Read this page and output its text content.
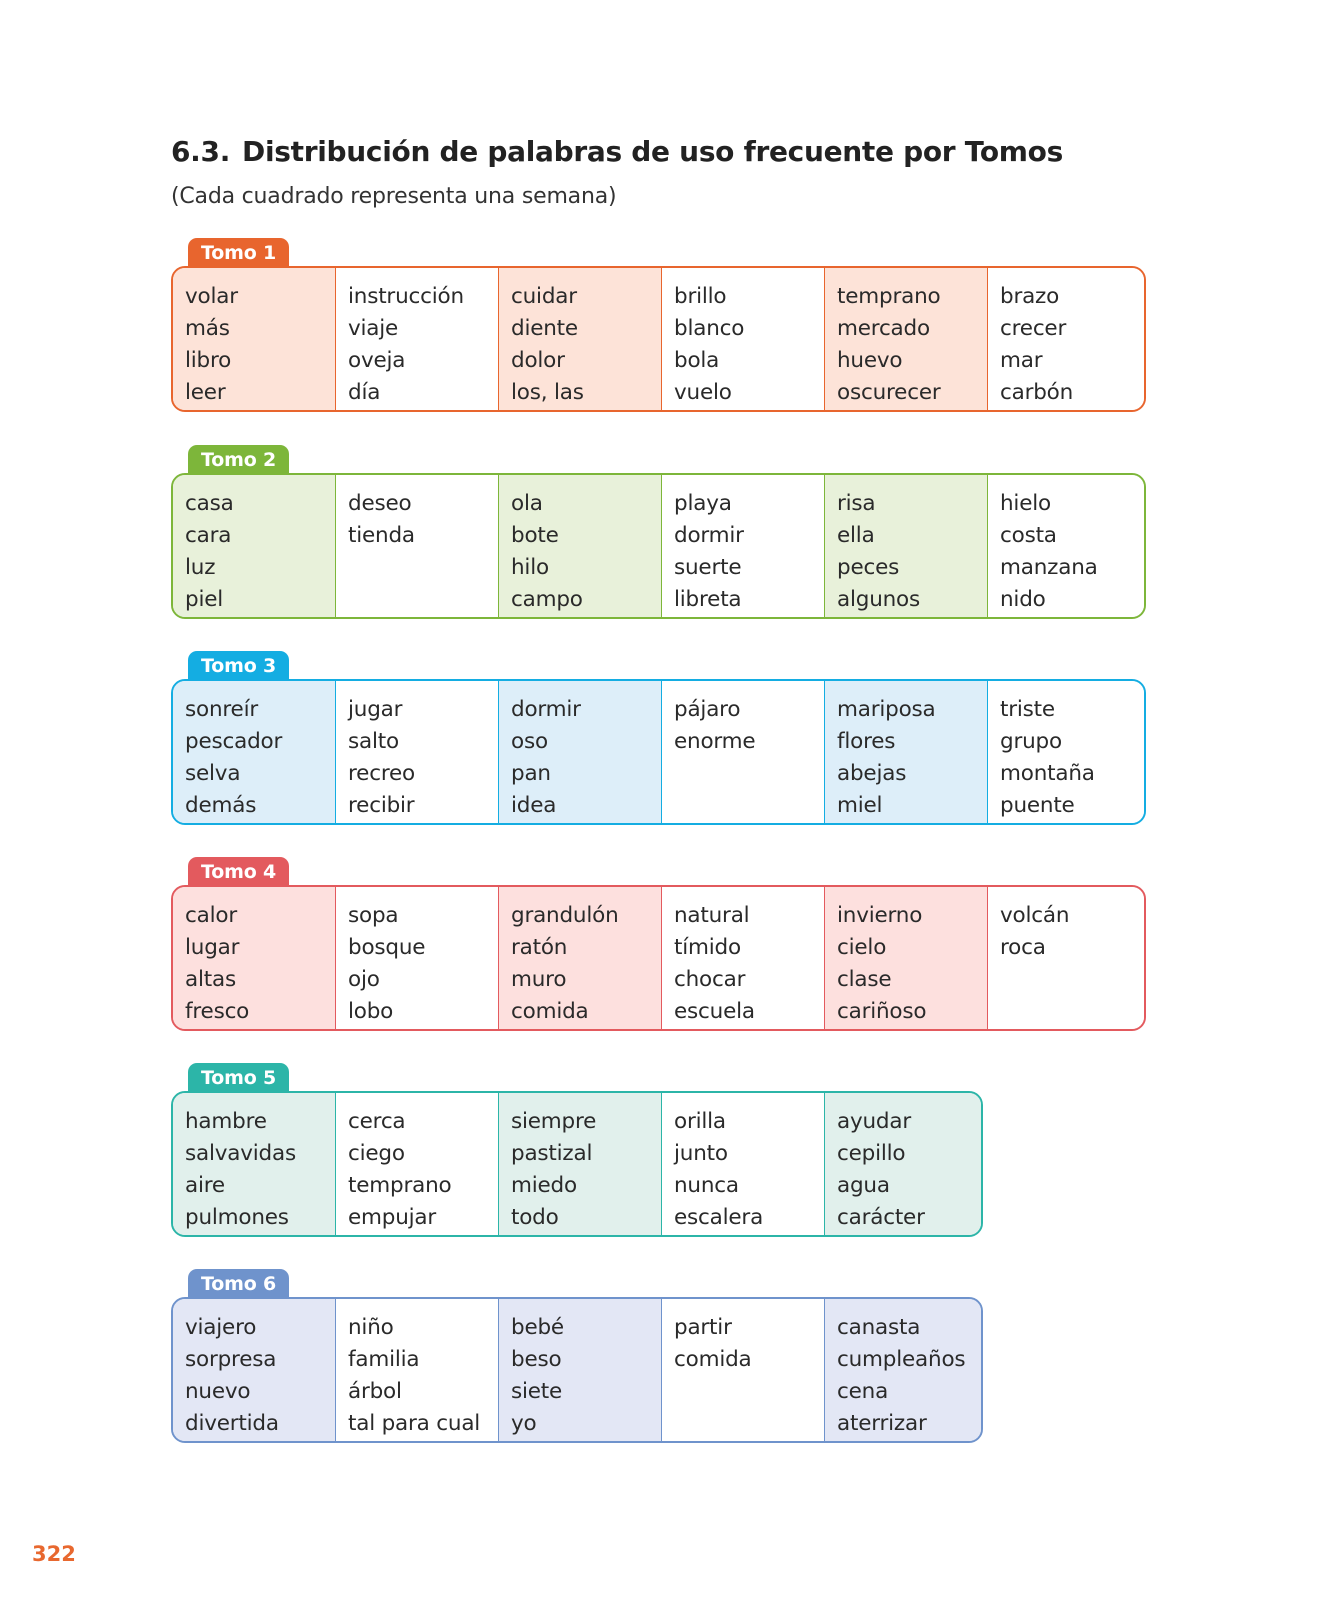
6.3. Distribución de palabras de uso frecuente por Tomos

(Cada cuadrado representa una semana)

Tomo 1
volar
más
libro
leer
instrucción
viaje
oveja
día
cuidar
diente
dolor
los, las
brillo
blanco
bola
vuelo
temprano
mercado
huevo
oscurecer
brazo
crecer
mar
carbón
Tomo 2
casa
cara
luz
piel
deseo
tienda
ola
bote
hilo
campo
playa
dormir
suerte
libreta
risa
ella
peces
algunos
hielo
costa
manzana
nido
Tomo 3
sonreír
pescador
selva
demás
jugar
salto
recreo
recibir
dormir
oso
pan
idea
pájaro
enorme
mariposa
flores
abejas
miel
triste
grupo
montaña
puente
Tomo 4
calor
lugar
altas
fresco
sopa
bosque
ojo
lobo
grandulón
ratón
muro
comida
natural
tímido
chocar
escuela
invierno
cielo
clase
cariñoso
volcán
roca
Tomo 5
hambre
salvavidas
aire
pulmones
cerca
ciego
temprano
empujar
siempre
pastizal
miedo
todo
orilla
junto
nunca
escalera
ayudar
cepillo
agua
carácter
Tomo 6
viajero
sorpresa
nuevo
divertida
niño
familia
árbol
tal para cual
bebé
beso
siete
yo
partir
comida
canasta
cumpleaños
cena
aterrizar
322
